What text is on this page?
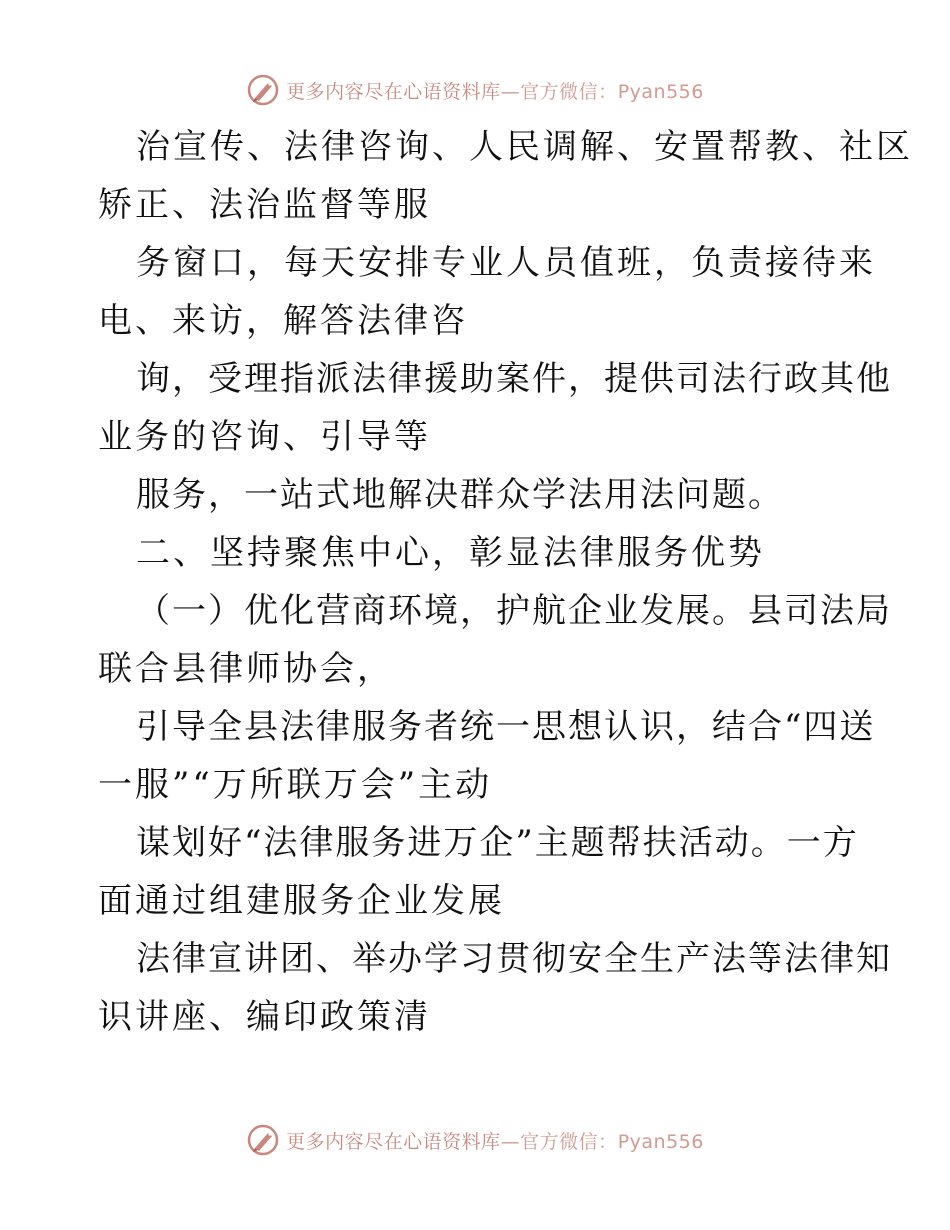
更多内容尽在心语资料库—官方微信：Pyan556
治宣传、法律咨询、人民调解、安置帮教、社区
矫正、法治监督等服
务窗口，每天安排专业人员值班，负责接待来
电、来访，解答法律咨
询，受理指派法律援助案件，提供司法行政其他
业务的咨询、引导等
服务，一站式地解决群众学法用法问题。
二、坚持聚焦中心，彰显法律服务优势
（一）优化营商环境，护航企业发展。县司法局
联合县律师协会，
引导全县法律服务者统一思想认识，结合“四送
一服”“万所联万会”主动
谋划好“法律服务进万企”主题帮扶活动。一方
面通过组建服务企业发展
法律宣讲团、举办学习贯彻安全生产法等法律知
识讲座、编印政策清
更多内容尽在心语资料库—官方微信：Pyan556
